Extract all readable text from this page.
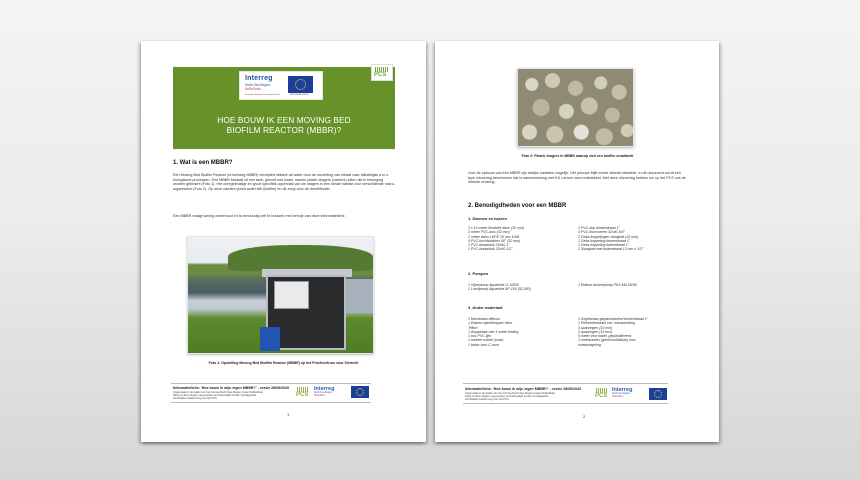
Interreg
North Sea Region
NuReDrain
European Regional Development Fund	EUROPEAN UNION
PCS
HOE BOUW IK EEN MOVING BED
BIOFILM REACTOR (MBBR)?
1. Wat is een MBBR?
Een Moving Bed Biofilm Reactor (of kortweg MBBR) verwijdert stikstof uit water door de omzetting van nitraat naar stikstofgas d.m.v. biologische processen. Een MBBR bestaat uit een tank, gevuld met water, waarin plastic dragers (carriers) zitten die in beweging worden gebracht (Foto 1). Het onregelmatige en groot specifiek oppervlak van de dragers is een ideale habitat voor verschillende micro-organismen (Foto 2). Op deze carriers groeit actief slib (biofilm) en dit zorgt voor de denitrificatie.
Een MBBR vraagt weinig onderhoud en is eenvoudig zelf te bouwen met behulp van deze informatiefiche.
Foto 1: Opstelling Moving Bed Biofilm Reactor (MBBR) op het Proefcentrum voor Sierteelt
Informatiefiche: 'Hoe bouw ik mijn eigen MBBR?' - versie 28/05/2020
Opgemaakt in het kader van het Interreg North Sea Region project NuReDrain
Niets uit deze uitgave mag worden verveelvoudigd zonder voorafgaande
schriftelijke toestemming van het PCS
PCS
Interreg
North Sea Region
NuReDrain
1
Foto 2: Plastic dragers in MBBR waarop zich een biofilm ontwikkelt
Voor de opbouw van een MBBR zijn talrijke variaties mogelijk. Het principe blijft echter steeds hetzelfde. In dit document wordt één type uitvoering beschreven dat in samenwerking met KU Leuven werd ontwikkeld. Met deze uitvoering hebben we op het PCS ook de meeste ervaring.
2. Benodigdheden voor een MBBR
1. Darmen en buizen
2 x 10 meter flexibele darm (32 mm)
3 meter PVC-buis (32 mm)
2 meter darm LDPE 15 mm 10x8
4 PVC-bochtstukken 90° (32 mm)
1 PVC-draadstuk 32x40-1"
1 PVC-draadstuk 32x40-1/2"
1 PVC-dop binnendraad 1"
4 PVC-doorvoeren 32x40-5/4"
2 Geka-koppelingen slangtule (32 mm)
1 Geka-koppeling binnendraad 1"
1 Geka-koppeling buitendraad 1"
1 Slangtule met buitendraad 13 mm x 1/2"
2. Pompen
1 Vijverpomp Aquaforte O-10000
1 Luchtpomp Aquaforte AP-100 (SC450)
1 Etatron doseerpomp PKX-MA 05/05
3. Ander materiaal
1 Membraan diffusor
1 Etatron injectienippel Viton
Teflon
1 druppelaar met 1 meter leiding
1 bus PVC-lijm
1 stekker rubber (man)
1 bidon voor C-bron
1 Kogelkraan gegalvaniseerd binnendraad 1"
1 Elektriciteitskast incl. niveaumeting
3 spanringen (32 mm)
2 spanringen (15 mm)
5 meter inox kabel, geplastificeerd
3 meetsondes (geel/rood/blauw) voor
niveauregeling
Informatiefiche: 'Hoe bouw ik mijn eigen MBBR?' - versie 28/05/2020
Opgemaakt in het kader van het Interreg North Sea Region project NuReDrain
Niets uit deze uitgave mag worden verveelvoudigd zonder voorafgaande
schriftelijke toestemming van het PCS
PCS
Interreg
North Sea Region
NuReDrain
2
